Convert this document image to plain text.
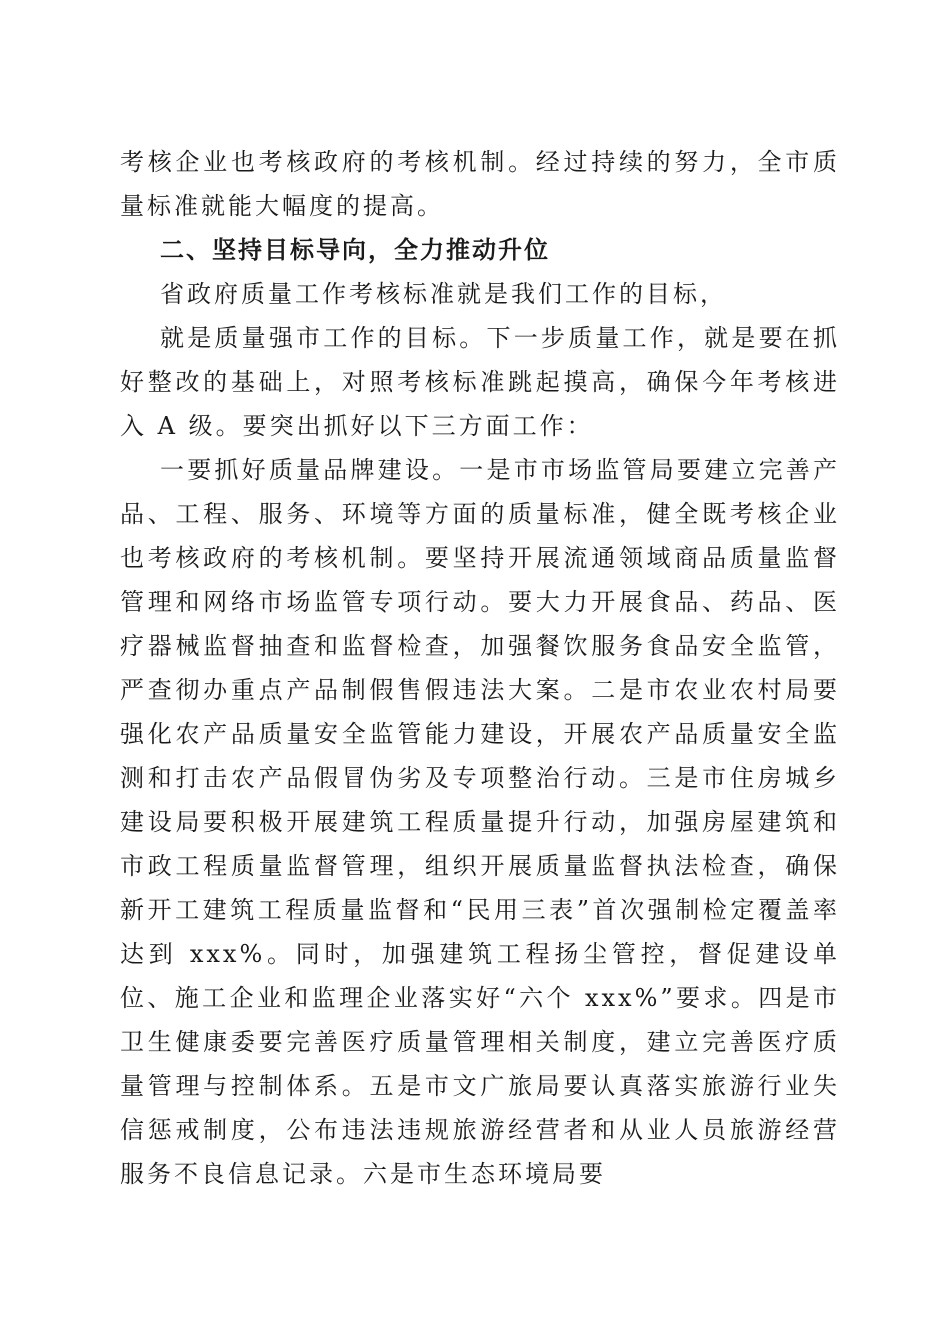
考核企业也考核政府的考核机制。经过持续的努力，全市质量标准就能大幅度的提高。

二、坚持目标导向，全力推动升位

省政府质量工作考核标准就是我们工作的目标，

就是质量强市工作的目标。下一步质量工作，就是要在抓好整改的基础上，对照考核标准跳起摸高，确保今年考核进入 A 级。要突出抓好以下三方面工作：

一要抓好质量品牌建设。一是市市场监管局要建立完善产品、工程、服务、环境等方面的质量标准，健全既考核企业也考核政府的考核机制。要坚持开展流通领域商品质量监督管理和网络市场监管专项行动。要大力开展食品、药品、医疗器械监督抽查和监督检查，加强餐饮服务食品安全监管，严查彻办重点产品制假售假违法大案。二是市农业农村局要强化农产品质量安全监管能力建设，开展农产品质量安全监测和打击农产品假冒伪劣及专项整治行动。三是市住房城乡建设局要积极开展建筑工程质量提升行动，加强房屋建筑和市政工程质量监督管理，组织开展质量监督执法检查，确保新开工建筑工程质量监督和“民用三表”首次强制检定覆盖率达到 xxx%。同时，加强建筑工程扬尘管控，督促建设单位、施工企业和监理企业落实好“六个 xxx%”要求。四是市卫生健康委要完善医疗质量管理相关制度，建立完善医疗质量管理与控制体系。五是市文广旅局要认真落实旅游行业失信惩戒制度，公布违法违规旅游经营者和从业人员旅游经营服务不良信息记录。六是市生态环境局要
